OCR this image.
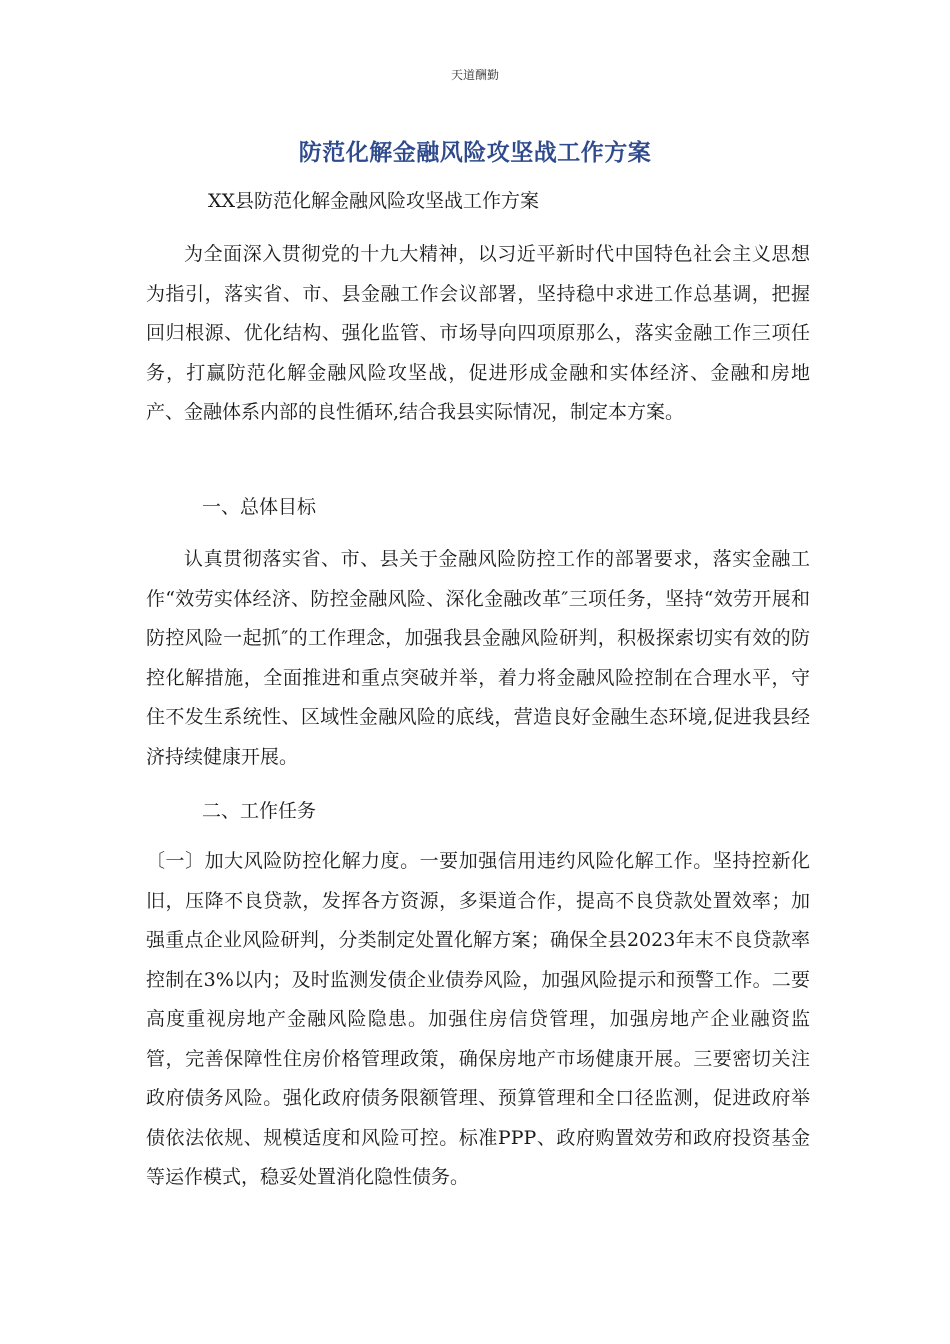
天道酬勤
防范化解金融风险攻坚战工作方案
XX县防范化解金融风险攻坚战工作方案
为全面深入贯彻党的十九大精神，以习近平新时代中国特色社会主义思想为指引，落实省、市、县金融工作会议部署，坚持稳中求进工作总基调，把握回归根源、优化结构、强化监管、市场导向四项原那么，落实金融工作三项任务，打赢防范化解金融风险攻坚战，促进形成金融和实体经济、金融和房地产、金融体系内部的良性循环,结合我县实际情况，制定本方案。
一、总体目标
认真贯彻落实省、市、县关于金融风险防控工作的部署要求，落实金融工作“效劳实体经济、防控金融风险、深化金融改革″三项任务，坚持“效劳开展和防控风险一起抓″的工作理念，加强我县金融风险研判，积极探索切实有效的防控化解措施，全面推进和重点突破并举，着力将金融风险控制在合理水平，守住不发生系统性、区域性金融风险的底线，营造良好金融生态环境,促进我县经济持续健康开展。
二、工作任务
〔一〕加大风险防控化解力度。一要加强信用违约风险化解工作。坚持控新化旧，压降不良贷款，发挥各方资源，多渠道合作，提高不良贷款处置效率；加强重点企业风险研判，分类制定处置化解方案；确保全县2023年末不良贷款率控制在3%以内；及时监测发债企业债券风险，加强风险提示和预警工作。二要高度重视房地产金融风险隐患。加强住房信贷管理，加强房地产企业融资监管，完善保障性住房价格管理政策，确保房地产市场健康开展。三要密切关注政府债务风险。强化政府债务限额管理、预算管理和全口径监测，促进政府举债依法依规、规模适度和风险可控。标准PPP、政府购置效劳和政府投资基金等运作模式，稳妥处置消化隐性债务。
